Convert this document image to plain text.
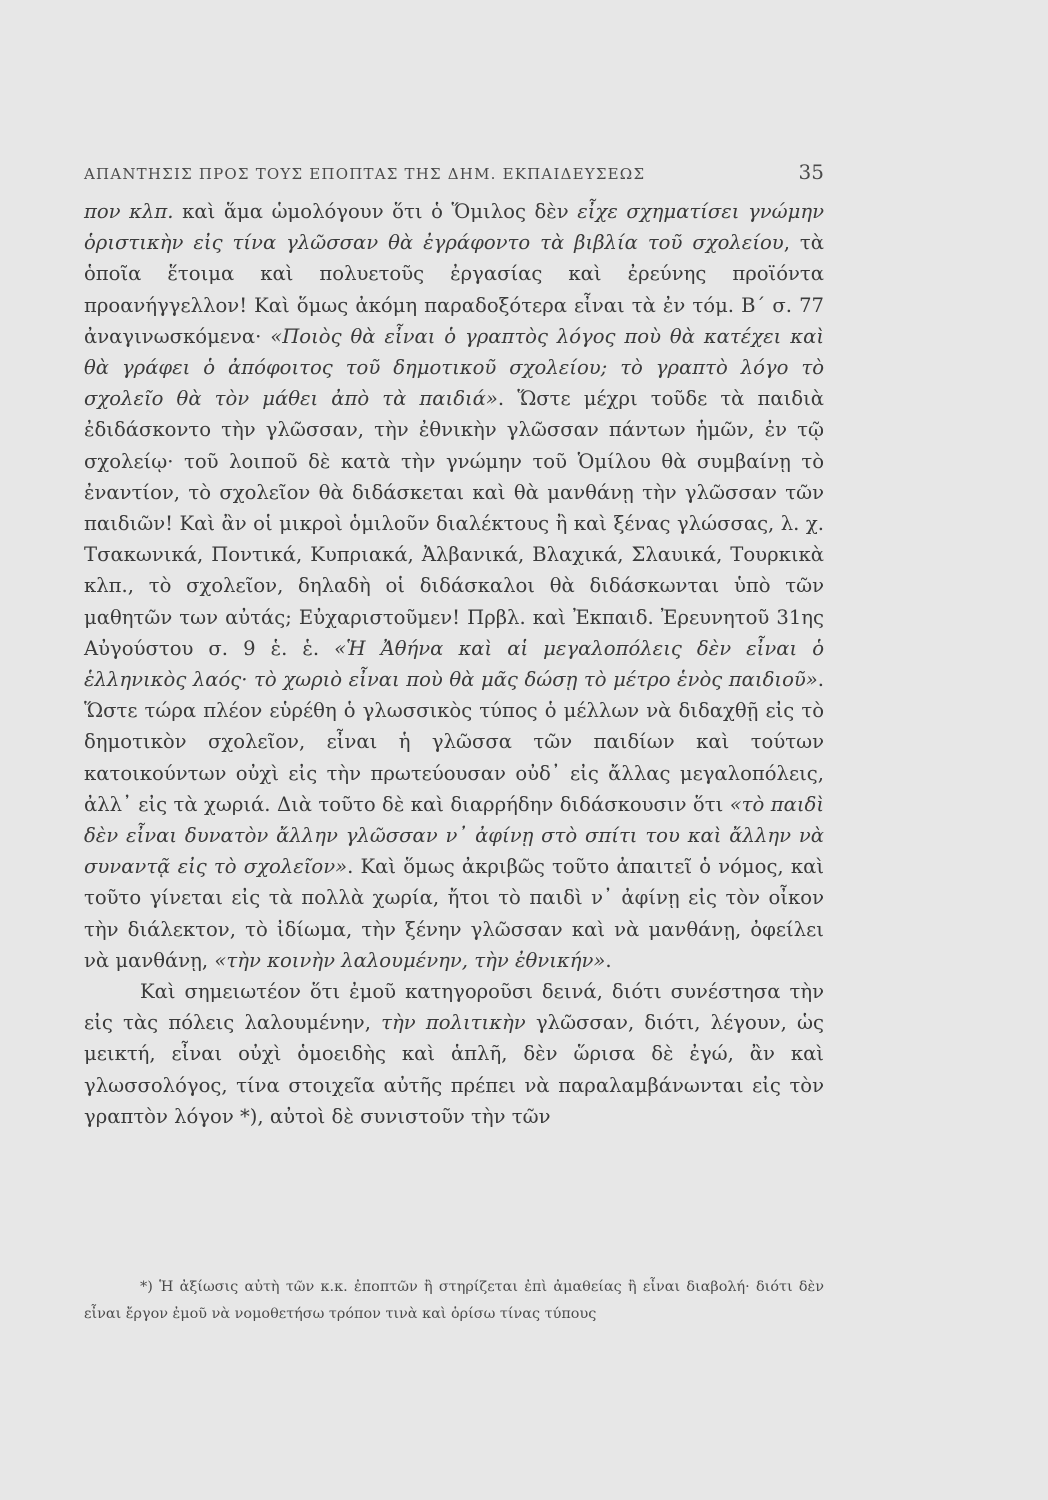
ΑΠΑΝΤΗΣΙΣ ΠΡΟΣ ΤΟΥΣ ΕΠΟΠΤΑΣ ΤΗΣ ΔΗΜ. ΕΚΠΑΙΔΕΥΣΕΩΣ	35

πον κλπ. καὶ ἅμα ὡμολόγουν ὅτι ὁ Ὅμιλος δὲν εἶχε σχηματίσει γνώμην ὁριστικὴν εἰς τίνα γλῶσσαν θὰ ἐγράφοντο τὰ βιβλία τοῦ σχολείου, τὰ ὁποῖα ἕτοιμα καὶ πολυετοῦς ἐργασίας καὶ ἐρεύνης προϊόντα προανήγγελλον! Καὶ ὅμως ἀκόμη παραδοξότερα εἶναι τὰ ἐν τόμ. Β΄ σ. 77 ἀναγινωσκόμενα· «Ποιὸς θὰ εἶναι ὁ γραπτὸς λόγος ποὺ θὰ κατέχει καὶ θὰ γράφει ὁ ἀπόφοιτος τοῦ δημοτικοῦ σχολείου; τὸ γραπτὸ λόγο τὸ σχολεῖο θὰ τὸν μάθει ἀπὸ τὰ παιδιά». Ὥστε μέχρι τοῦδε τὰ παιδιὰ ἐδιδάσκοντο τὴν γλῶσσαν, τὴν ἐθνικὴν γλῶσσαν πάντων ἡμῶν, ἐν τῷ σχολείῳ· τοῦ λοιποῦ δὲ κατὰ τὴν γνώμην τοῦ Ὁμίλου θὰ συμβαίνῃ τὸ ἐναντίον, τὸ σχολεῖον θὰ διδάσκεται καὶ θὰ μανθάνῃ τὴν γλῶσσαν τῶν παιδιῶν! Καὶ ἂν οἱ μικροὶ ὁμιλοῦν διαλέκτους ἢ καὶ ξένας γλώσσας, λ. χ. Τσακωνικά, Ποντικά, Κυπριακά, Ἀλβανικά, Βλαχικά, Σλαυικά, Τουρκικὰ κλπ., τὸ σχολεῖον, δηλαδὴ οἱ διδάσκαλοι θὰ διδάσκωνται ὑπὸ τῶν μαθητῶν των αὐτάς; Εὐχαριστοῦμεν! Πρβλ. καὶ Ἐκπαιδ. Ἐρευνητοῦ 31ης Αὐγούστου σ. 9 ἑ. ἑ. «Ἡ Ἀθήνα καὶ αἱ μεγαλοπόλεις δὲν εἶναι ὁ ἑλληνικὸς λαός· τὸ χωριὸ εἶναι ποὺ θὰ μᾶς δώσῃ τὸ μέτρο ἑνὸς παιδιοῦ». Ὥστε τώρα πλέον εὑρέθη ὁ γλωσσικὸς τύπος ὁ μέλλων νὰ διδαχθῇ εἰς τὸ δημοτικὸν σχολεῖον, εἶναι ἡ γλῶσσα τῶν παιδίων καὶ τούτων κατοικούντων οὐχὶ εἰς τὴν πρωτεύουσαν οὐδ᾿ εἰς ἄλλας μεγαλοπόλεις, ἀλλ᾿ εἰς τὰ χωριά. Διὰ τοῦτο δὲ καὶ διαρρήδην διδάσκουσιν ὅτι «τὸ παιδὶ δὲν εἶναι δυνατὸν ἄλλην γλῶσσαν ν᾿ ἀφίνῃ στὸ σπίτι του καὶ ἄλλην νὰ συναντᾷ εἰς τὸ σχολεῖον». Καὶ ὅμως ἀκριβῶς τοῦτο ἀπαιτεῖ ὁ νόμος, καὶ τοῦτο γίνεται εἰς τὰ πολλὰ χωρία, ἤτοι τὸ παιδὶ ν᾿ ἀφίνῃ εἰς τὸν οἶκον τὴν διάλεκτον, τὸ ἰδίωμα, τὴν ξένην γλῶσσαν καὶ νὰ μανθάνῃ, ὀφείλει νὰ μανθάνῃ, «τὴν κοινὴν λαλουμένην, τὴν ἐθνικήν».

Καὶ σημειωτέον ὅτι ἐμοῦ κατηγοροῦσι δεινά, διότι συνέστησα τὴν εἰς τὰς πόλεις λαλουμένην, τὴν πολιτικὴν γλῶσσαν, διότι, λέγουν, ὡς μεικτή, εἶναι οὐχὶ ὁμοειδὴς καὶ ἁπλῆ, δὲν ὥρισα δὲ ἐγώ, ἂν καὶ γλωσσολόγος, τίνα στοιχεῖα αὐτῆς πρέπει νὰ παραλαμβάνωνται εἰς τὸν γραπτὸν λόγον *), αὐτοὶ δὲ συνιστοῦν τὴν τῶν

*) Ἡ ἀξίωσις αὐτὴ τῶν κ.κ. ἐποπτῶν ἢ στηρίζεται ἐπὶ ἀμαθείας ἢ εἶναι διαβολή· διότι δὲν εἶναι ἔργον ἐμοῦ νὰ νομοθετήσω τρόπον τινὰ καὶ ὁρίσω τίνας τύπους
